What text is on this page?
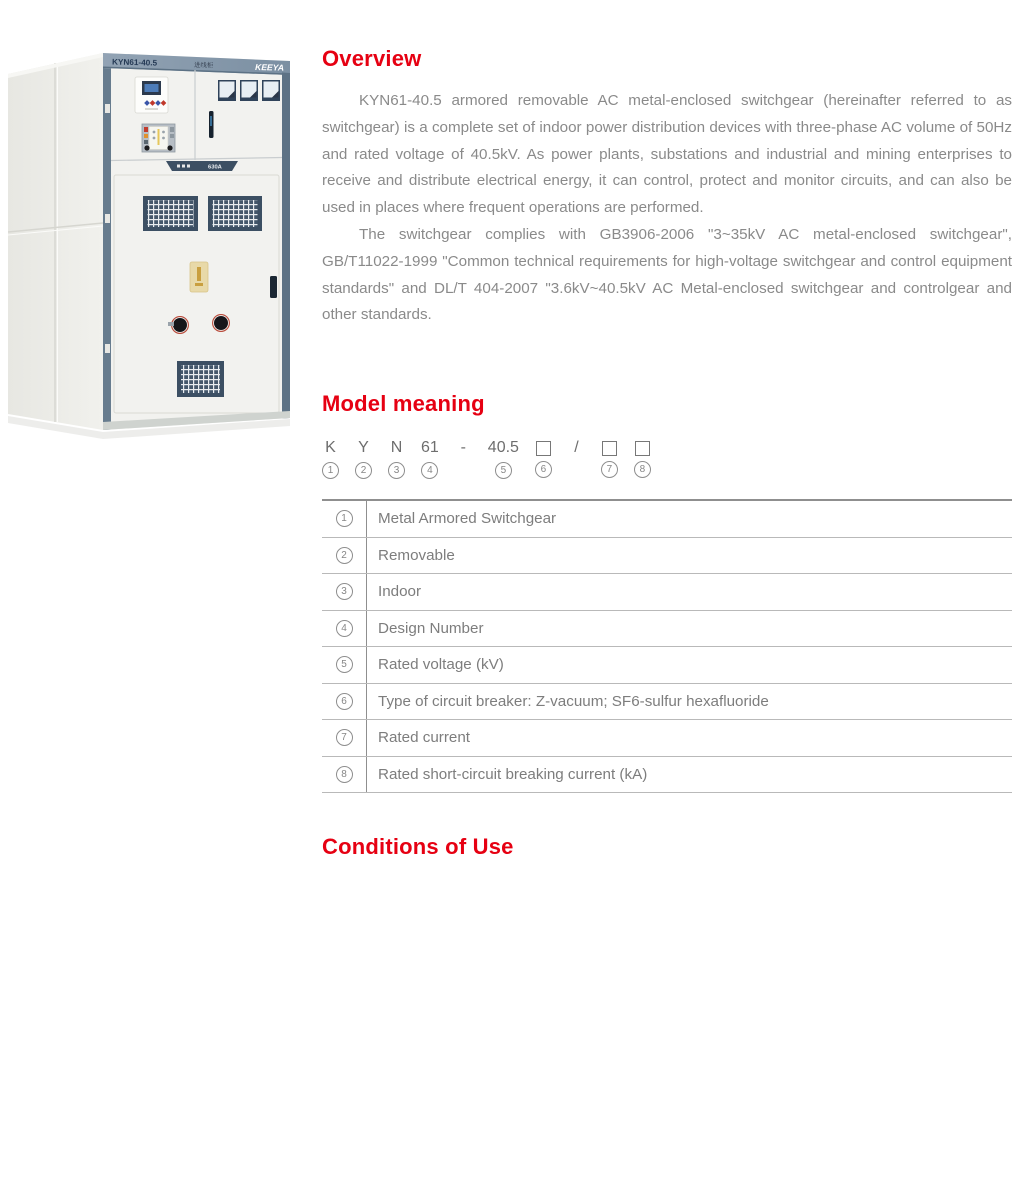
KYN61-40.5	进线柜	KEEYA
630A
Overview

KYN61-40.5 armored removable AC metal-enclosed switchgear (hereinafter referred to as switchgear) is a complete set of indoor power distribution devices with three-phase AC volume of 50Hz and rated voltage of 40.5kV. As power plants, substations and industrial and mining enterprises to receive and distribute electrical energy, it can control, protect and monitor circuits, and can also be used in places where frequent operations are performed.

The switchgear complies with GB3906-2006 "3~35kV AC metal-enclosed switchgear", GB/T11022-1999 "Common technical requirements for high-voltage switchgear and control equipment standards" and DL/T 404-2007 "3.6kV~40.5kV AC Metal-enclosed switchgear and controlgear and other standards.

Model meaning
K
1
Y
2
N
3
61
4
- 40.5
5	6
/
7	8
1	Metal Armored Switchgear
2	Removable
3	Indoor
4	Design Number
5	Rated voltage (kV)
6	Type of circuit breaker: Z-vacuum; SF6-sulfur hexafluoride
7	Rated current
8	Rated short-circuit breaking current (kA)
Conditions of Use
